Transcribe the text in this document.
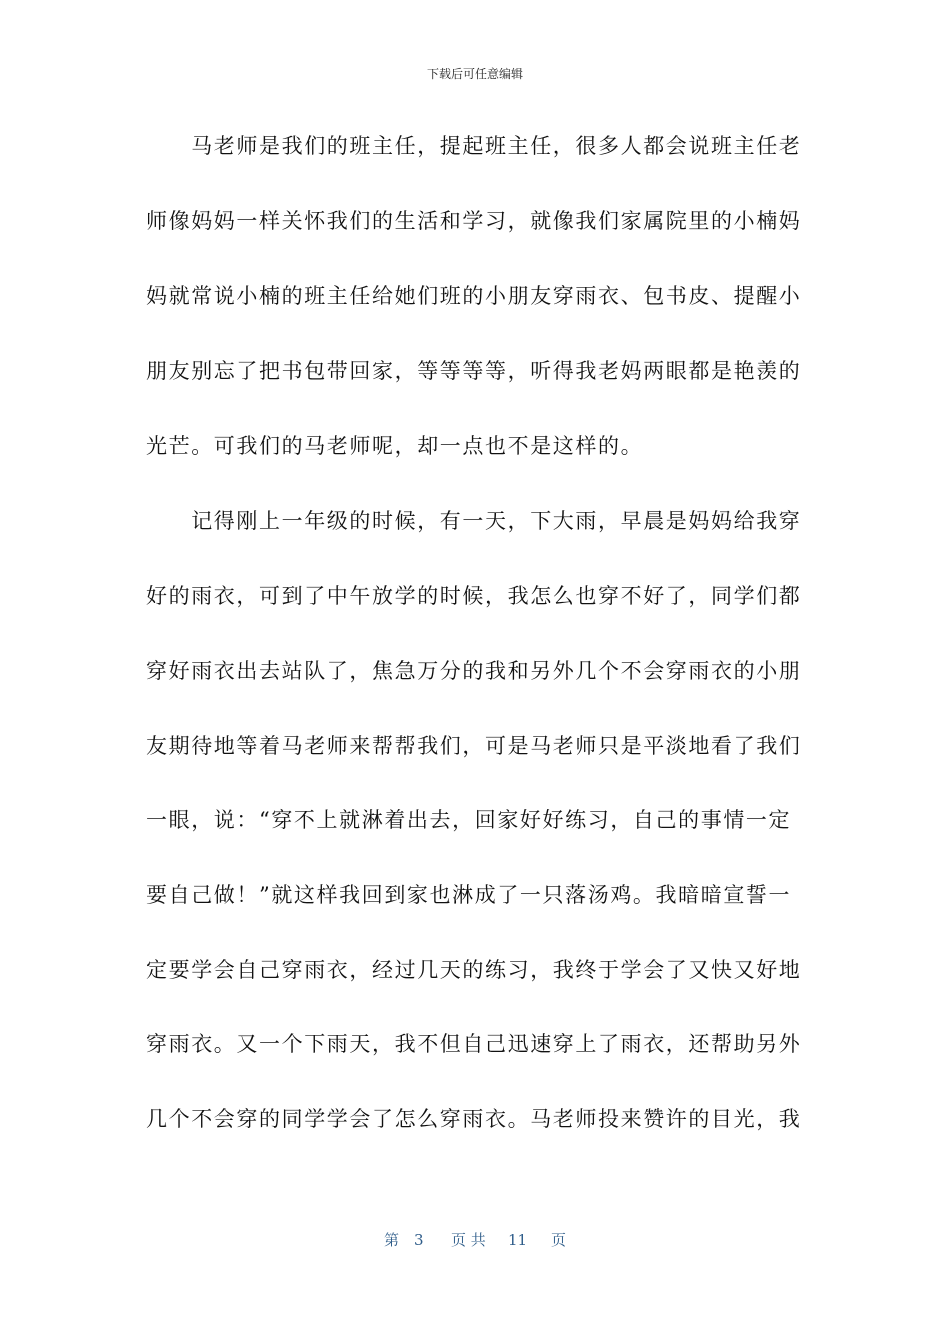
下载后可任意编辑
　　马老师是我们的班主任，提起班主任，很多人都会说班主任老
师像妈妈一样关怀我们的生活和学习，就像我们家属院里的小楠妈
妈就常说小楠的班主任给她们班的小朋友穿雨衣、包书皮、提醒小
朋友别忘了把书包带回家，等等等等，听得我老妈两眼都是艳羡的
光芒。可我们的马老师呢，却一点也不是这样的。
　　记得刚上一年级的时候，有一天，下大雨，早晨是妈妈给我穿
好的雨衣，可到了中午放学的时候，我怎么也穿不好了，同学们都
穿好雨衣出去站队了，焦急万分的我和另外几个不会穿雨衣的小朋
友期待地等着马老师来帮帮我们，可是马老师只是平淡地看了我们
一眼，说：“穿不上就淋着出去，回家好好练习，自己的事情一定
要自己做！”就这样我回到家也淋成了一只落汤鸡。我暗暗宣誓一
定要学会自己穿雨衣，经过几天的练习，我终于学会了又快又好地
穿雨衣。又一个下雨天，我不但自己迅速穿上了雨衣，还帮助另外
几个不会穿的同学学会了怎么穿雨衣。马老师投来赞许的目光，我
第 3 页 共 11 页
